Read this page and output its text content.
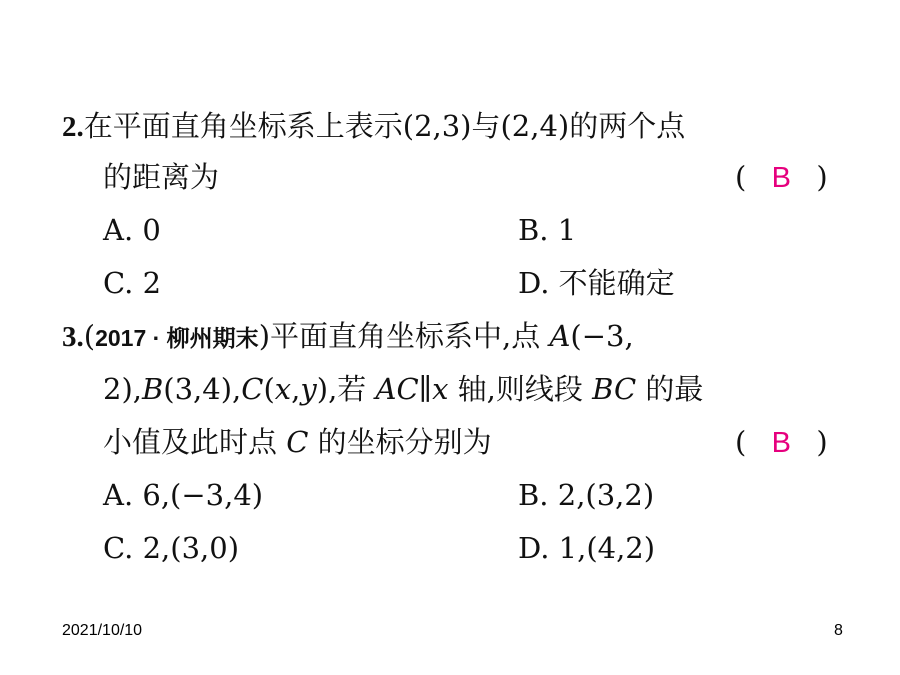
2.在平面直角坐标系上表示(2,3)与(2,4)的两个点
的距离为	( B )
A. 0	B. 1
C. 2	D. 不能确定
3.(2017 · 柳州期末)平面直角坐标系中,点 A(−3,
2),B(3,4),C(x,y),若 AC∥x 轴,则线段 BC 的最
小值及此时点 C 的坐标分别为	( B )
A. 6,(−3,4)	B. 2,(3,2)
C. 2,(3,0)	D. 1,(4,2)
2021/10/10	8
